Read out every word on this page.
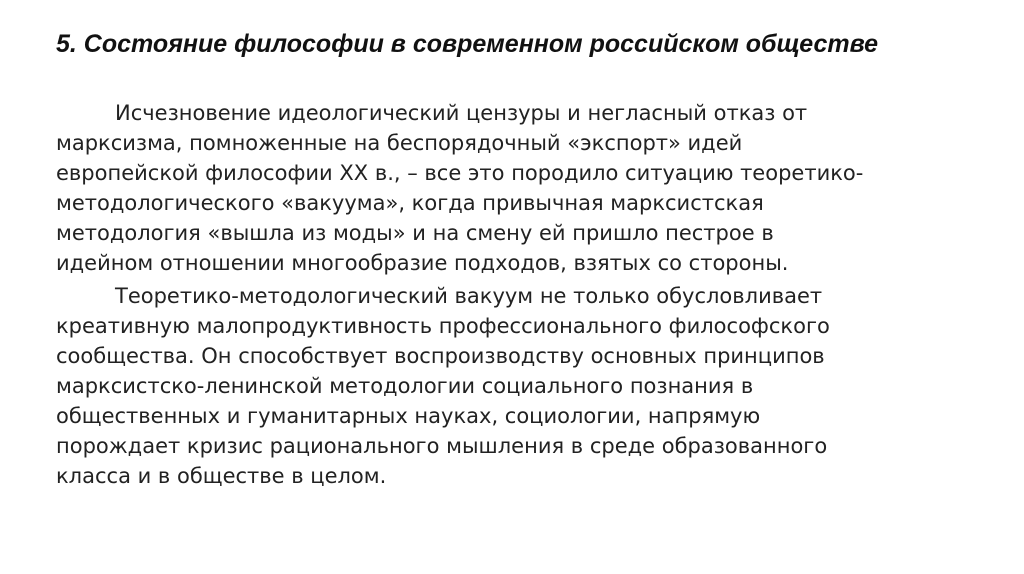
5. Состояние философии в современном российском обществе

Исчезновение идеологический цензуры и негласный отказ от
марксизма, помноженные на беспорядочный «экспорт» идей
европейской философии XX в., – все это породило ситуацию теоретико-
методологического «вакуума», когда привычная марксистская
методология «вышла из моды» и на смену ей пришло пестрое в
идейном отношении многообразие подходов, взятых со стороны.

Теоретико-методологический вакуум не только обусловливает
креативную малопродуктивность профессионального философского
сообщества. Он способствует воспроизводству основных принципов
марксистско-ленинской методологии социального познания в
общественных и гуманитарных науках, социологии, напрямую
порождает кризис рационального мышления в среде образованного
класса и в обществе в целом.
